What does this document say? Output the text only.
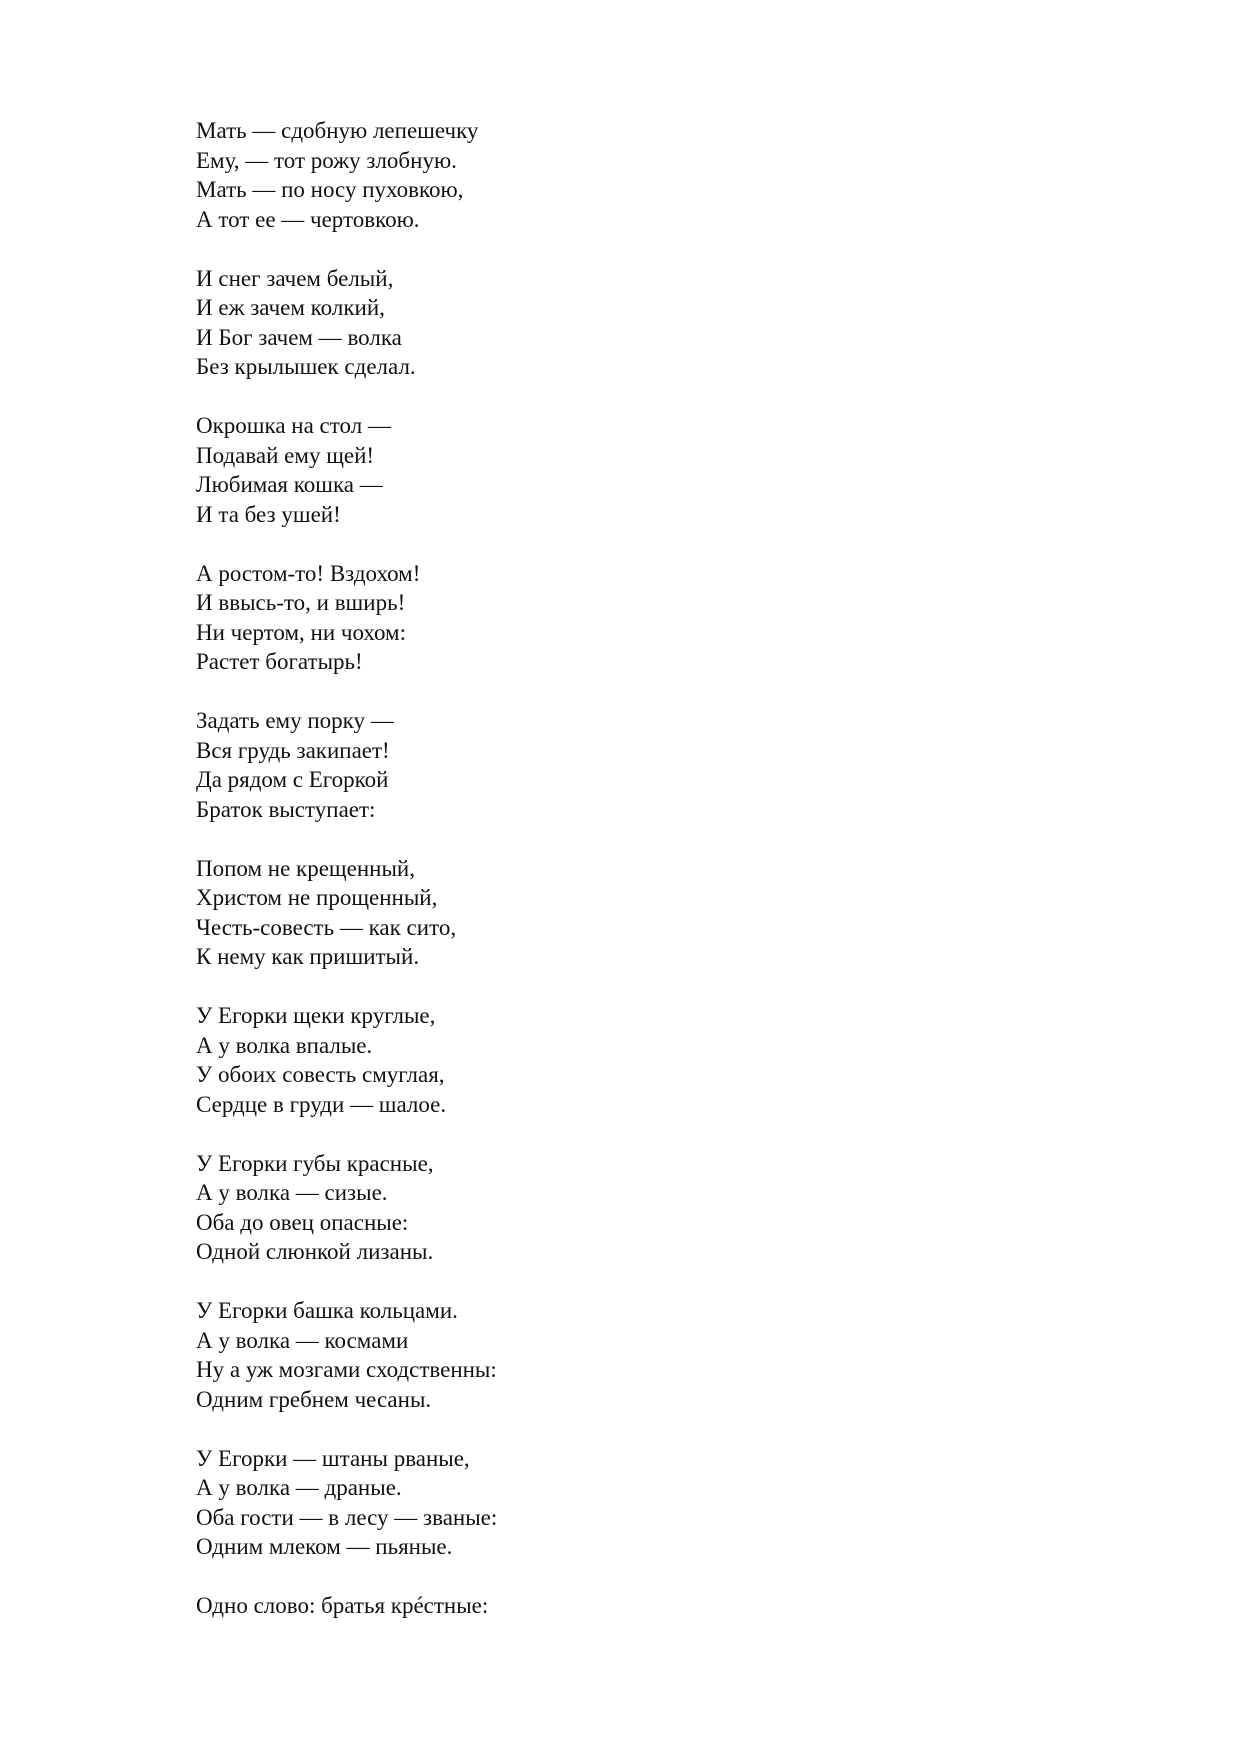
Мать — сдобную лепешечку
Ему, — тот рожу злобную.
Мать — по носу пуховкою,
А тот ее — чертовкою.
И снег зачем белый,
И еж зачем колкий,
И Бог зачем — волка
Без крылышек сделал.
Окрошка на стол —
Подавай ему щей!
Любимая кошка —
И та без ушей!
А ростом-то! Вздохом!
И ввысь-то, и вширь!
Ни чертом, ни чохом:
Растет богатырь!
Задать ему порку —
Вся грудь закипает!
Да рядом с Егоркой
Браток выступает:
Попом не крещенный,
Христом не прощенный,
Честь-совесть — как сито,
К нему как пришитый.
У Егорки щеки круглые,
А у волка впалые.
У обоих совесть смуглая,
Сердце в груди — шалое.
У Егорки губы красные,
А у волка — сизые.
Оба до овец опасные:
Одной слюнкой лизаны.
У Егорки башка кольцами.
А у волка — космами
Ну а уж мозгами сходственны:
Одним гребнем чесаны.
У Егорки — штаны рваные,
А у волка — драные.
Оба гости — в лесу — званые:
Одним млеком — пьяные.
Одно слово: братья крéстные:
